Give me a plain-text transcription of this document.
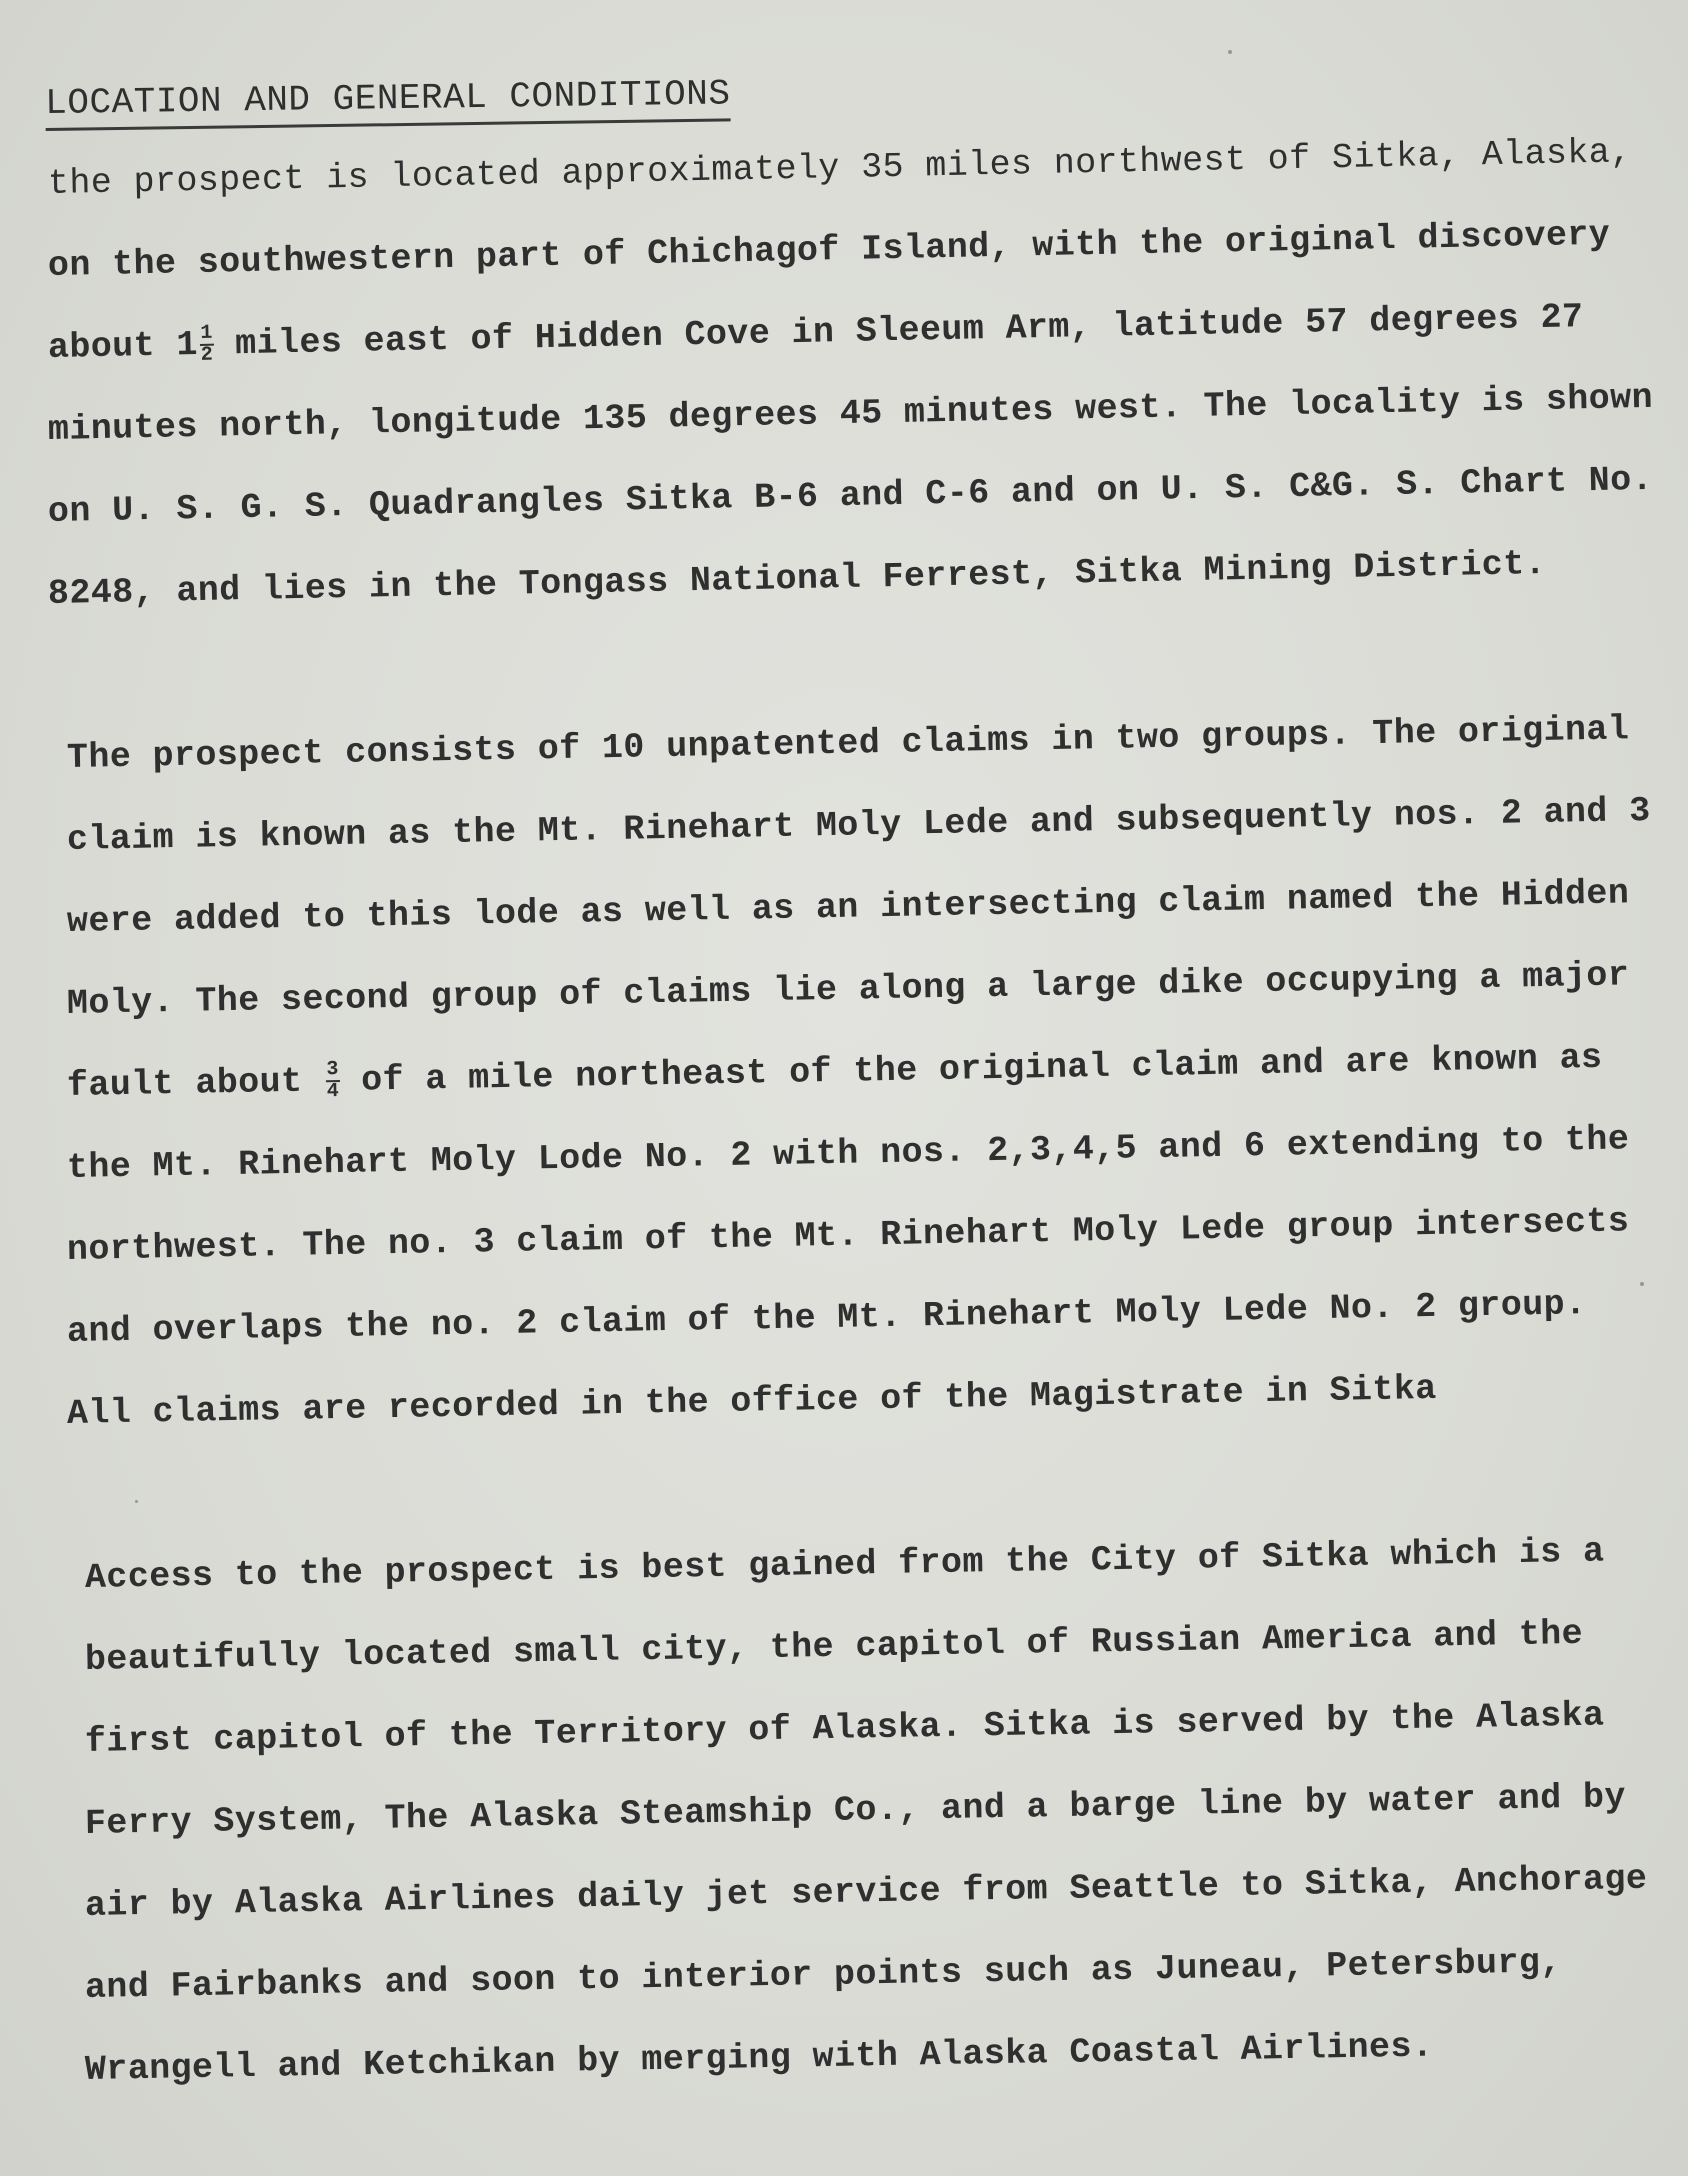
LOCATION AND GENERAL CONDITIONS
the prospect is located approximately 35 miles northwest of Sitka, Alaska,
on the southwestern part of Chichagof Island, with the original discovery
about $1 \frac{1}{2}$ miles east of Hidden Cove in Sleeum Arm, latitude 57 degrees 27
minutes north, longitude 135 degrees 45 minutes west. The locality is shown
on U. S. G. S. Quadrangles Sitka B-6 and C-6 and on U. S. C&G. S. Chart No.
8248, and lies in the Tongass National Ferrest, Sitka Mining District.
The prospect consists of 10 unpatented claims in two groups. The original
claim is known as the Mt. Rinehart Moly Lede and subsequently nos. 2 and 3
were added to this lode as well as an intersecting claim named the Hidden
Moly. The second group of claims lie along a large dike occupying a major
fault about $\frac{3}{4}$ of a mile northeast of the original claim and are known as
the Mt. Rinehart Moly Lode No. 2 with nos. 2,3,4,5 and 6 extending to the
northwest. The no. 3 claim of the Mt. Rinehart Moly Lede group intersects
and overlaps the no. 2 claim of the Mt. Rinehart Moly Lede No. 2 group.
All claims are recorded in the office of the Magistrate in Sitka
Access to the prospect is best gained from the City of Sitka which is a
beautifully located small city, the capitol of Russian America and the
first capitol of the Territory of Alaska. Sitka is served by the Alaska
Ferry System, The Alaska Steamship Co., and a barge line by water and by
air by Alaska Airlines daily jet service from Seattle to Sitka, Anchorage
and Fairbanks and soon to interior points such as Juneau, Petersburg,
Wrangell and Ketchikan by merging with Alaska Coastal Airlines.
